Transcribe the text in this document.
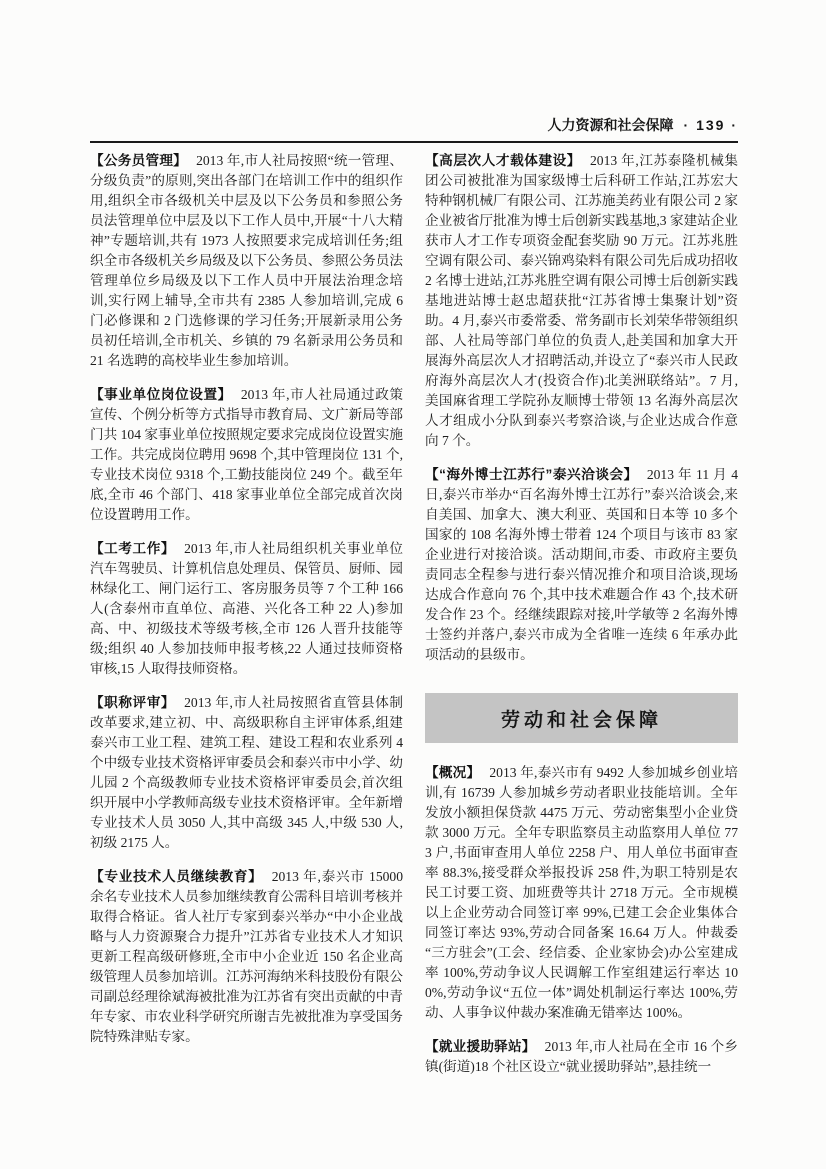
人力资源和社会保障 · 139 ·

【公务员管理】 2013 年,市人社局按照“统一管理、分级负责”的原则,突出各部门在培训工作中的组织作用,组织全市各级机关中层及以下公务员和参照公务员法管理单位中层及以下工作人员中,开展“十八大精神”专题培训,共有 1973 人按照要求完成培训任务;组织全市各级机关乡局级及以下公务员、参照公务员法管理单位乡局级及以下工作人员中开展法治理念培训,实行网上辅导,全市共有 2385 人参加培训,完成 6 门必修课和 2 门选修课的学习任务;开展新录用公务员初任培训,全市机关、乡镇的 79 名新录用公务员和 21 名选聘的高校毕业生参加培训。

【事业单位岗位设置】 2013 年,市人社局通过政策宣传、个例分析等方式指导市教育局、文广新局等部门共 104 家事业单位按照规定要求完成岗位设置实施工作。共完成岗位聘用 9698 个,其中管理岗位 131 个,专业技术岗位 9318 个,工勤技能岗位 249 个。截至年底,全市 46 个部门、418 家事业单位全部完成首次岗位设置聘用工作。

【工考工作】 2013 年,市人社局组织机关事业单位汽车驾驶员、计算机信息处理员、保管员、厨师、园林绿化工、闸门运行工、客房服务员等 7 个工种 166 人(含泰州市直单位、高港、兴化各工种 22 人)参加高、中、初级技术等级考核,全市 126 人晋升技能等级;组织 40 人参加技师申报考核,22 人通过技师资格审核,15 人取得技师资格。

【职称评审】 2013 年,市人社局按照省直管县体制改革要求,建立初、中、高级职称自主评审体系,组建泰兴市工业工程、建筑工程、建设工程和农业系列 4 个中级专业技术资格评审委员会和泰兴市中小学、幼儿园 2 个高级教师专业技术资格评审委员会,首次组织开展中小学教师高级专业技术资格评审。全年新增专业技术人员 3050 人,其中高级 345 人,中级 530 人,初级 2175 人。

【专业技术人员继续教育】 2013 年,泰兴市 15000 余名专业技术人员参加继续教育公需科目培训考核并取得合格证。省人社厅专家到泰兴举办“中小企业战略与人力资源聚合力提升”江苏省专业技术人才知识更新工程高级研修班,全市中小企业近 150 名企业高级管理人员参加培训。江苏河海纳米科技股份有限公司副总经理徐斌海被批准为江苏省有突出贡献的中青年专家、市农业科学研究所谢吉先被批准为享受国务院特殊津贴专家。

【高层次人才载体建设】 2013 年,江苏泰隆机械集团公司被批准为国家级博士后科研工作站,江苏宏大特种钢机械厂有限公司、江苏施美药业有限公司 2 家企业被省厅批准为博士后创新实践基地,3 家建站企业获市人才工作专项资金配套奖励 90 万元。江苏兆胜空调有限公司、泰兴锦鸡染料有限公司先后成功招收 2 名博士进站,江苏兆胜空调有限公司博士后创新实践基地进站博士赵忠超获批“江苏省博士集聚计划”资助。4 月,泰兴市委常委、常务副市长刘荣华带领组织部、人社局等部门单位的负责人,赴美国和加拿大开展海外高层次人才招聘活动,并设立了“泰兴市人民政府海外高层次人才(投资合作)北美洲联络站”。7 月,美国麻省理工学院孙友顺博士带领 13 名海外高层次人才组成小分队到泰兴考察洽谈,与企业达成合作意向 7 个。

【“海外博士江苏行”泰兴洽谈会】 2013 年 11 月 4 日,泰兴市举办“百名海外博士江苏行”泰兴洽谈会,来自美国、加拿大、澳大利亚、英国和日本等 10 多个国家的 108 名海外博士带着 124 个项目与该市 83 家企业进行对接洽谈。活动期间,市委、市政府主要负责同志全程参与进行泰兴情况推介和项目洽谈,现场达成合作意向 76 个,其中技术难题合作 43 个,技术研发合作 23 个。经继续跟踪对接,叶学敏等 2 名海外博士签约并落户,泰兴市成为全省唯一连续 6 年承办此项活动的县级市。

劳动和社会保障

【概况】 2013 年,泰兴市有 9492 人参加城乡创业培训,有 16739 人参加城乡劳动者职业技能培训。全年发放小额担保贷款 4475 万元、劳动密集型小企业贷款 3000 万元。全年专职监察员主动监察用人单位 773 户,书面审查用人单位 2258 户、用人单位书面审查率 88.3%,接受群众举报投诉 258 件,为职工特别是农民工讨要工资、加班费等共计 2718 万元。全市规模以上企业劳动合同签订率 99%,已建工会企业集体合同签订率达 93%,劳动合同备案 16.64 万人。仲裁委“三方驻会”(工会、经信委、企业家协会)办公室建成率 100%,劳动争议人民调解工作室组建运行率达 100%,劳动争议“五位一体”调处机制运行率达 100%,劳动、人事争议仲裁办案准确无错率达 100%。

【就业援助驿站】 2013 年,市人社局在全市 16 个乡镇(街道)18 个社区设立“就业援助驿站”,悬挂统一
